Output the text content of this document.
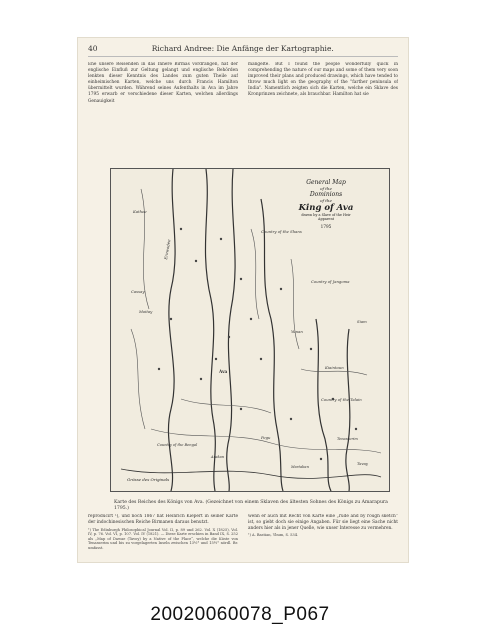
40	Richard Andree: Die Anfänge der Kartographie.
Ehe unsere Reisenden in das Innere Birmas vordrangen, hat der englische Einfluß zur Geltung gelangt und englische Behörden lenkten dieser Kenntnis des Landes zum guten Theile auf einheimischen Karten, welche uns durch Francis Hamilton übermittelt wurden. Während seines Aufenthalts in Ava im Jahre 1795 erwarb er verschiedene dieser Karten, welchen allerdings Genauigkeit
mangelte. But I found the people wonderfully quick in comprehending the nature of our maps and some of them very soon improved their plans and produced drawings, which have tended to throw much light on the geography of the "farther peninsula of India". Namentlich zeigten sich die Karten, welche ein Sklave des Kronprinzen zeichnete, als brauchbar. Hamilton hat sie
General Map
of the
Dominions
of the
King of Ava
drawn by a Slave of the Heir Apparent
1795
Erawadee
Country of the Shans
Kathee
Country of Jangoma
Siam
Cassay
Moitay
Pegu
Country of the Talain
Tavay
Yunan
Kiaintoun
Ava
Tenasserim
Country of the Bengal
Arakan
Martaban
Grösse des Originals
Karte des Reiches des Königs von Ava. (Gezeichnet von einem Sklaven des ältesten Sohnes des Königs zu Amarapura 1795.)
reproducirt ¹), und noch 1867 hat Heinrich Kiepert in seiner Karte der indochinesischen Reiche Birmanen daraus benutzt.
¹) The Edinburgh Philosophical Journal Vol. II, p. 89 und 262. Vol. X (1825), Vol. IV, p. 76. Vol. VI, p. 107. Vol. IV (1821). — Diese Karte erschien in Band IX, S. 252 als „Map of Dawae (Tavoy) by a Native of the Place“, welche die Küste von Tenasserim und bis zu vorgelagerten Inseln zwischen 13½° und 15½° nördl. Br. umfasst.
wenn er auch mit Recht von Karte eine „rude and by rough sketch“ ist, so giebt doch sie einige Angaben. Für sie liegt eine Sache nicht anders hier als in jener Quelle, wie unser Interesse zu vermehren.
¹) A. Bastian, Ybum, S. 534.
20020060078_P067
